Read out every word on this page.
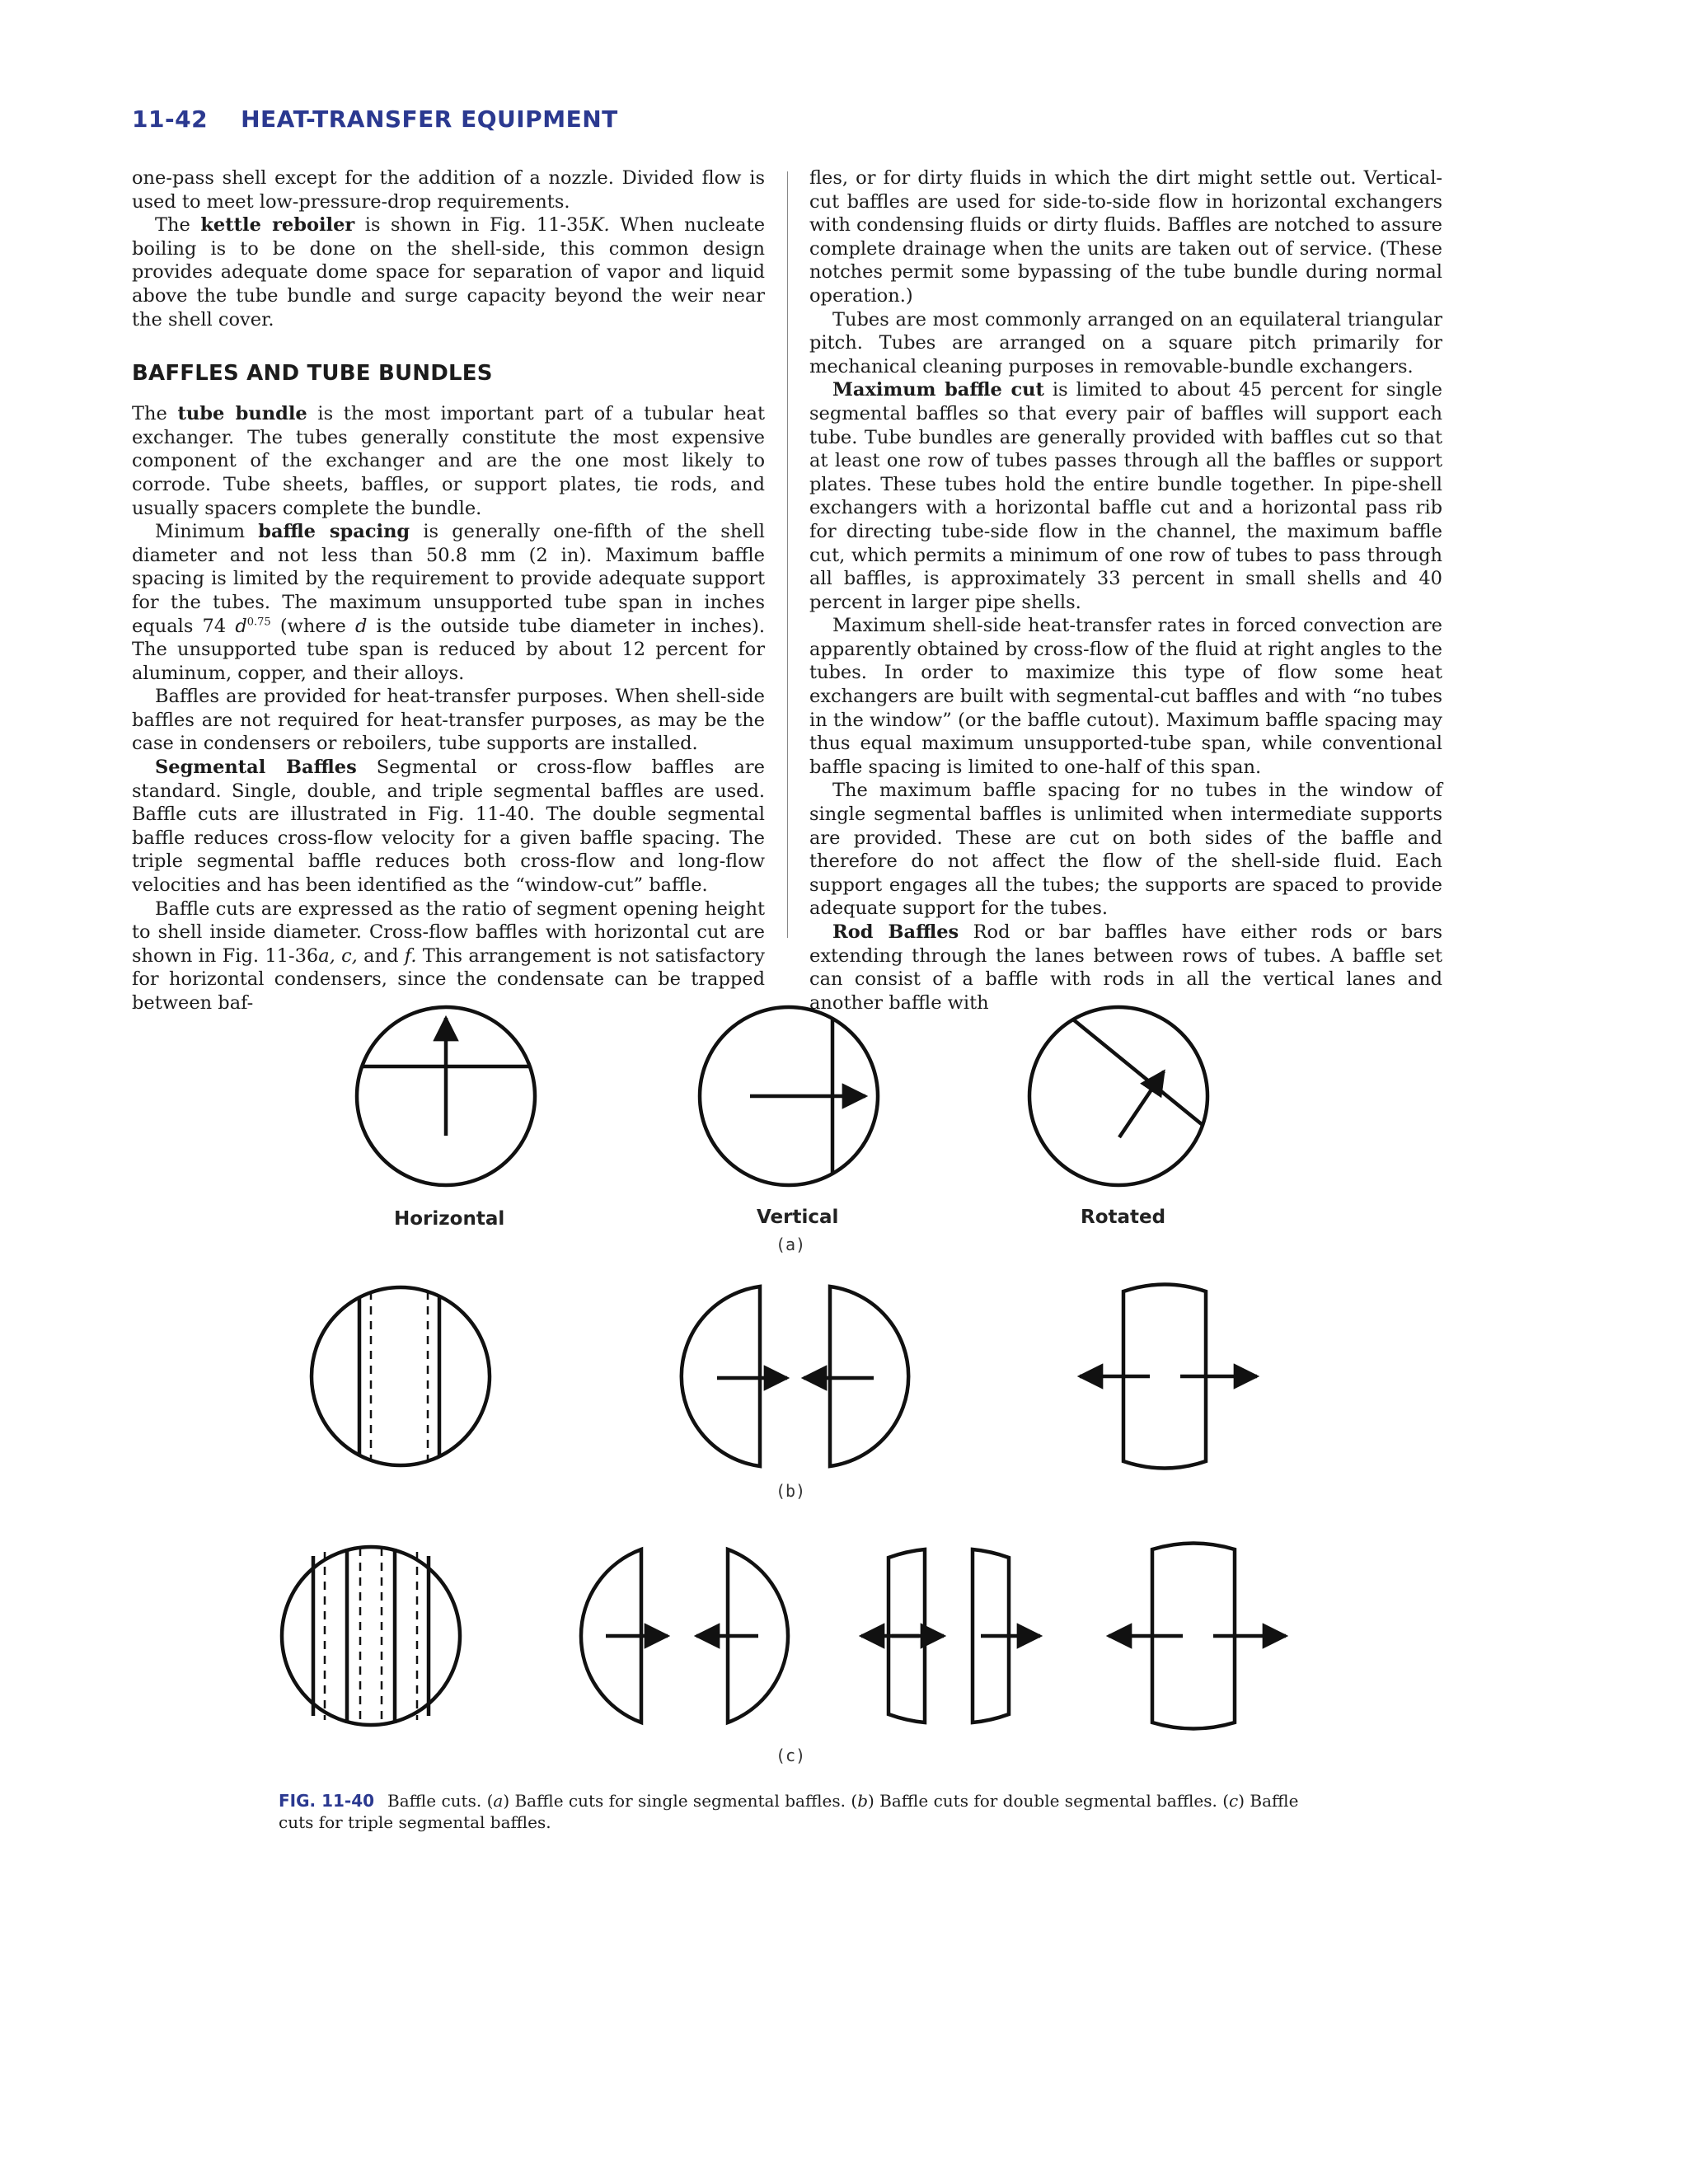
11-42 HEAT-TRANSFER EQUIPMENT

one-pass shell except for the addition of a nozzle. Divided flow is used to meet low-pressure-drop requirements.

The kettle reboiler is shown in Fig. 11-35K. When nucleate boiling is to be done on the shell-side, this common design provides adequate dome space for separation of vapor and liquid above the tube bundle and surge capacity beyond the weir near the shell cover.

BAFFLES AND TUBE BUNDLES

The tube bundle is the most important part of a tubular heat exchanger. The tubes generally constitute the most expensive component of the exchanger and are the one most likely to corrode. Tube sheets, baffles, or support plates, tie rods, and usually spacers complete the bundle.

Minimum baffle spacing is generally one-fifth of the shell diameter and not less than 50.8 mm (2 in). Maximum baffle spacing is limited by the requirement to provide adequate support for the tubes. The maximum unsupported tube span in inches equals 74 $d^{0.75}$ (where d is the outside tube diameter in inches). The unsupported tube span is reduced by about 12 percent for aluminum, copper, and their alloys.

Baffles are provided for heat-transfer purposes. When shell-side baffles are not required for heat-transfer purposes, as may be the case in condensers or reboilers, tube supports are installed.

Segmental Baffles Segmental or cross-flow baffles are standard. Single, double, and triple segmental baffles are used. Baffle cuts are illustrated in Fig. 11-40. The double segmental baffle reduces cross-flow velocity for a given baffle spacing. The triple segmental baffle reduces both cross-flow and long-flow velocities and has been identified as the “window-cut” baffle.

Baffle cuts are expressed as the ratio of segment opening height to shell inside diameter. Cross-flow baffles with horizontal cut are shown in Fig. 11-36a, c, and f. This arrangement is not satisfactory for horizontal condensers, since the condensate can be trapped between baf-

fles, or for dirty fluids in which the dirt might settle out. Vertical-cut baffles are used for side-to-side flow in horizontal exchangers with condensing fluids or dirty fluids. Baffles are notched to assure complete drainage when the units are taken out of service. (These notches permit some bypassing of the tube bundle during normal operation.)

Tubes are most commonly arranged on an equilateral triangular pitch. Tubes are arranged on a square pitch primarily for mechanical cleaning purposes in removable-bundle exchangers.

Maximum baffle cut is limited to about 45 percent for single segmental baffles so that every pair of baffles will support each tube. Tube bundles are generally provided with baffles cut so that at least one row of tubes passes through all the baffles or support plates. These tubes hold the entire bundle together. In pipe-shell exchangers with a horizontal baffle cut and a horizontal pass rib for directing tube-side flow in the channel, the maximum baffle cut, which permits a minimum of one row of tubes to pass through all baffles, is approximately 33 percent in small shells and 40 percent in larger pipe shells.

Maximum shell-side heat-transfer rates in forced convection are apparently obtained by cross-flow of the fluid at right angles to the tubes. In order to maximize this type of flow some heat exchangers are built with segmental-cut baffles and with “no tubes in the window” (or the baffle cutout). Maximum baffle spacing may thus equal maximum unsupported-tube span, while conventional baffle spacing is limited to one-half of this span.

The maximum baffle spacing for no tubes in the window of single segmental baffles is unlimited when intermediate supports are provided. These are cut on both sides of the baffle and therefore do not affect the flow of the shell-side fluid. Each support engages all the tubes; the supports are spaced to provide adequate support for the tubes.

Rod Baffles Rod or bar baffles have either rods or bars extending through the lanes between rows of tubes. A baffle set can consist of a baffle with rods in all the vertical lanes and another baffle with

Horizontal	Vertical	Rotated
(a)
(b)
(c)
FIG. 11-40 Baffle cuts. (a) Baffle cuts for single segmental baffles. (b) Baffle cuts for double segmental baffles. (c) Baffle cuts for triple segmental baffles.
